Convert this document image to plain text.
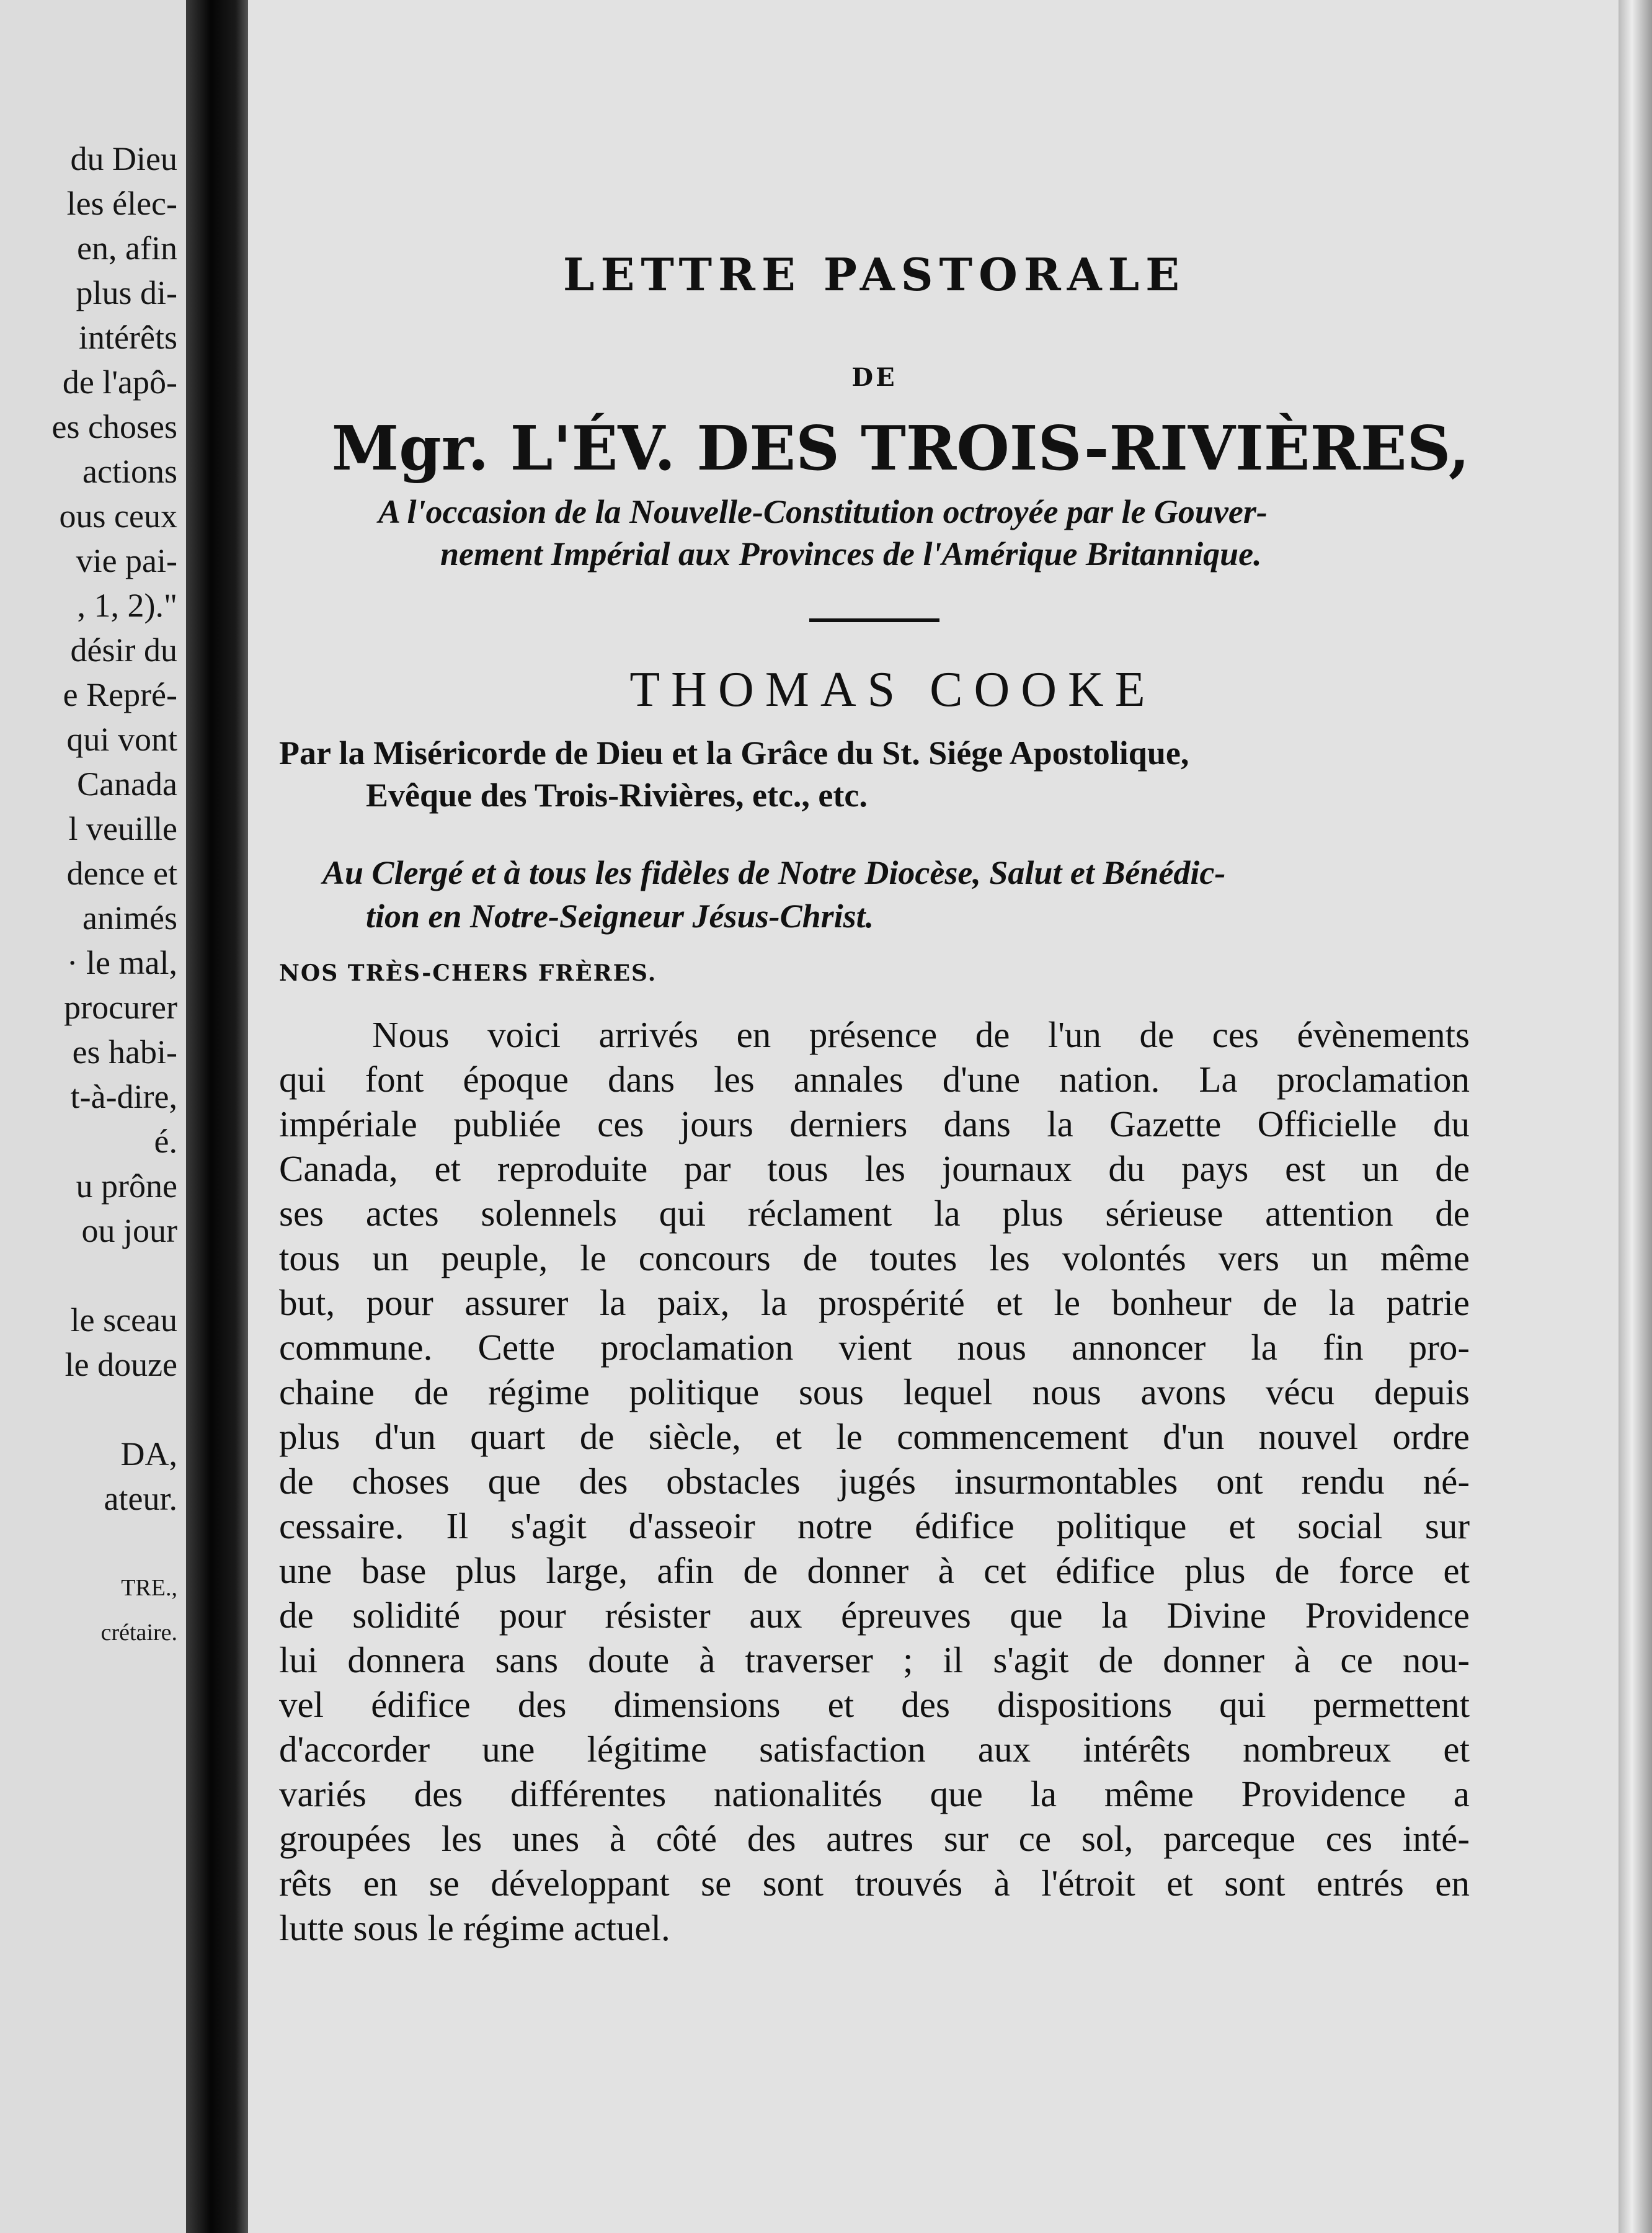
du Dieu
les élec-
en, afin
plus di-
intérêts
de l'apô-
es choses
actions
ous ceux
vie pai-
, 1, 2)."
désir du
e Repré-
qui vont
Canada
l veuille
dence et
animés
· le mal,
procurer
es habi-
t-à-dire,
é.
u prône
ou jour
le sceau
le douze
DA,
ateur.
TRE.,
crétaire.
LETTRE PASTORALE
DE
Mgr. L'ÉV. DES TROIS-RIVIÈRES,
A l'occasion de la Nouvelle-Constitution octroyée par le Gouver-
nement Impérial aux Provinces de l'Amérique Britannique.
THOMAS COOKE
Par la Miséricorde de Dieu et la Grâce du St. Siége Apostolique,
Evêque des Trois-Rivières, etc., etc.
Au Clergé et à tous les fidèles de Notre Diocèse, Salut et Bénédic-
tion en Notre-Seigneur Jésus-Christ.
NOS TRÈS-CHERS FRÈRES.
Nous voici arrivés en présence de l'un de ces évènements
qui font époque dans les annales d'une nation. La proclamation
impériale publiée ces jours derniers dans la Gazette Officielle du
Canada, et reproduite par tous les journaux du pays est un de
ses actes solennels qui réclament la plus sérieuse attention de
tous un peuple, le concours de toutes les volontés vers un même
but, pour assurer la paix, la prospérité et le bonheur de la patrie
commune. Cette proclamation vient nous annoncer la fin pro-
chaine de régime politique sous lequel nous avons vécu depuis
plus d'un quart de siècle, et le commencement d'un nouvel ordre
de choses que des obstacles jugés insurmontables ont rendu né-
cessaire. Il s'agit d'asseoir notre édifice politique et social sur
une base plus large, afin de donner à cet édifice plus de force et
de solidité pour résister aux épreuves que la Divine Providence
lui donnera sans doute à traverser ; il s'agit de donner à ce nou-
vel édifice des dimensions et des dispositions qui permettent
d'accorder une légitime satisfaction aux intérêts nombreux et
variés des différentes nationalités que la même Providence a
groupées les unes à côté des autres sur ce sol, parceque ces inté-
rêts en se développant se sont trouvés à l'étroit et sont entrés en
lutte sous le régime actuel.
